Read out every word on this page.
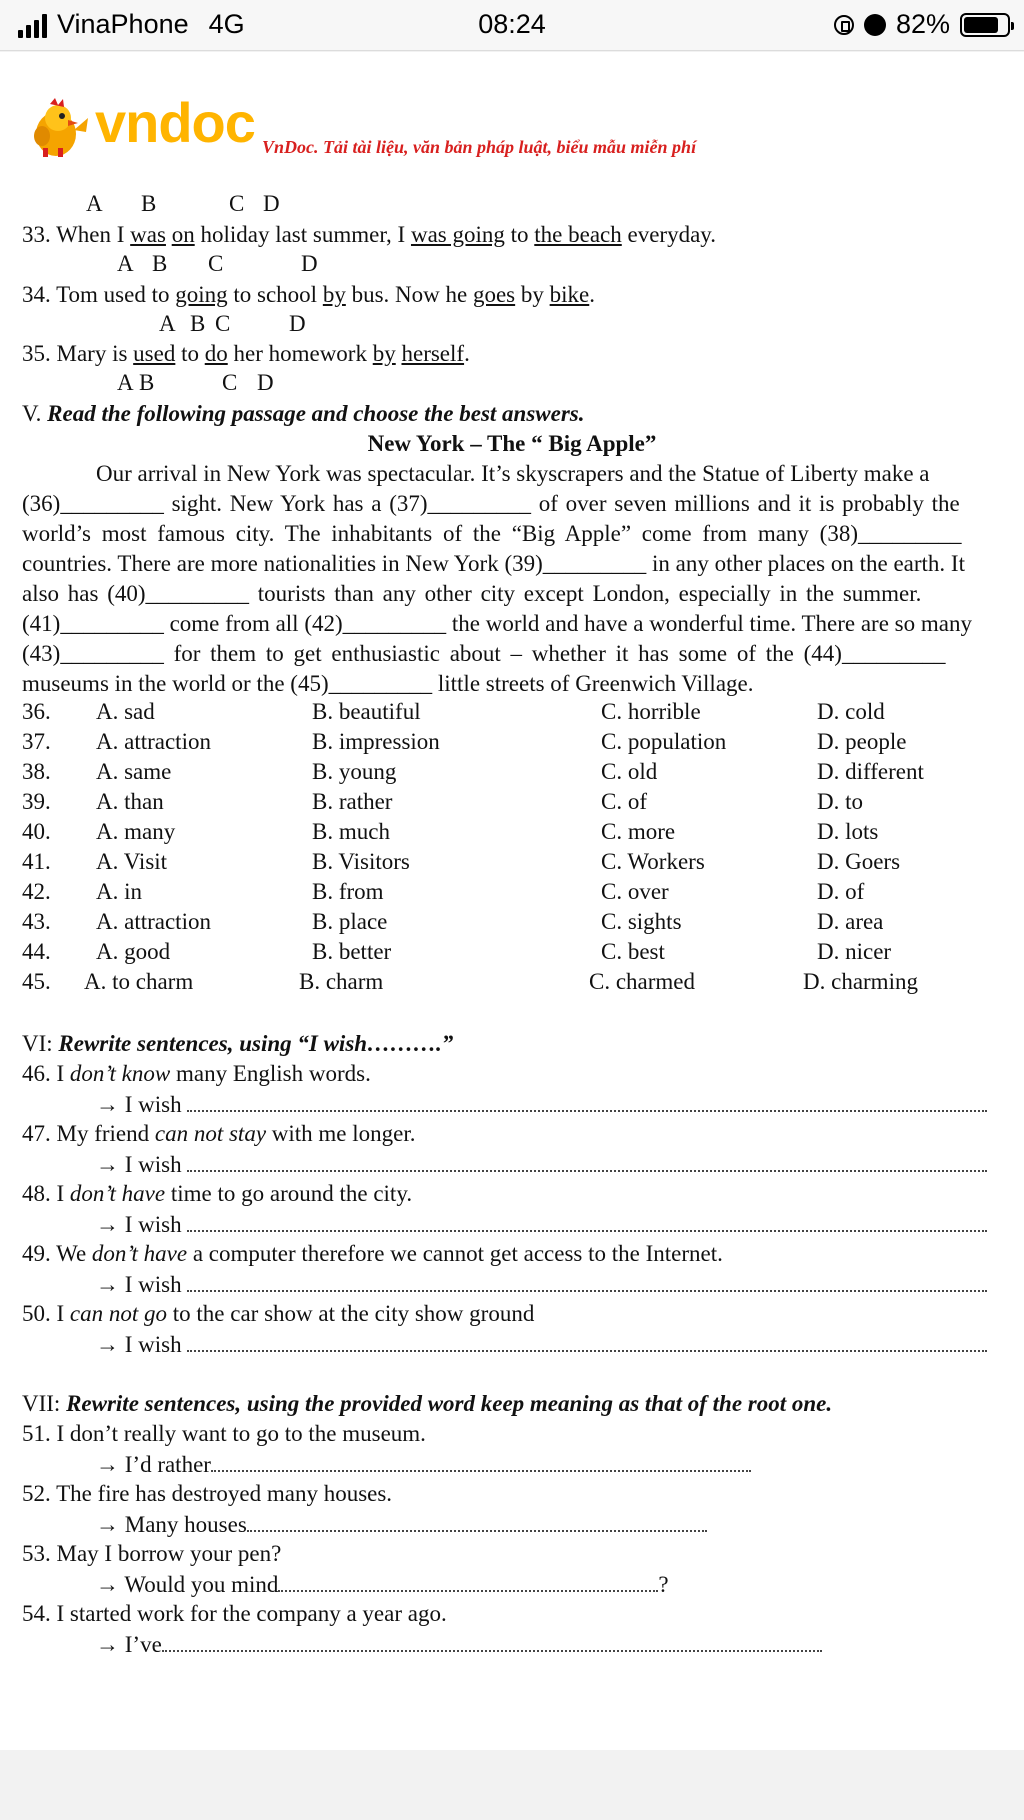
VinaPhone 4G	08:24	82%
vndoc VnDoc. Tải tài liệu, văn bản pháp luật, biểu mẫu miễn phí
A B	C D
33. When I was on holiday last summer, I was going to the beach everyday.
A B C	D
34. Tom used to going to school by bus. Now he goes by bike.
A B C	D
35. Mary is used to do her homework by herself.
A B	C D
V. Read the following passage and choose the best answers.
New York – The “ Big Apple”
Our arrival in New York was spectacular. It’s skyscrapers and the Statue of Liberty make a
(36)_________ sight. New York has a (37)_________ of over seven millions and it is probably the
world’s most famous city. The inhabitants of the “Big Apple” come from many (38)_________
countries. There are more nationalities in New York (39)_________ in any other places on the earth. It
also has (40)_________ tourists than any other city except London, especially in the summer.
(41)_________ come from all (42)_________ the world and have a wonderful time. There are so many
(43)_________ for them to get enthusiastic about – whether it has some of the (44)_________
museums in the world or the (45)_________ little streets of Greenwich Village.
36. A. sad	B. beautiful	C. horrible	D. cold
37. A. attraction	B. impression	C. population	D. people
38. A. same	B. young	C. old	D. different
39. A. than	B. rather	C. of	D. to
40. A. many	B. much	C. more	D. lots
41. A. Visit	B. Visitors	C. Workers	D. Goers
42. A. in	B. from	C. over	D. of
43. A. attraction	B. place	C. sights	D. area
44. A. good	B. better	C. best	D. nicer
45. A. to charm	B. charm	C. charmed	D. charming
VI: Rewrite sentences, using “I wish……….”
46. I don’t know many English words.
→ I wish
47. My friend can not stay with me longer.
→ I wish
48. I don’t have time to go around the city.
→ I wish
49. We don’t have a computer therefore we cannot get access to the Internet.
→ I wish
50. I can not go to the car show at the city show ground
→ I wish
VII: Rewrite sentences, using the provided word keep meaning as that of the root one.
51. I don’t really want to go to the museum.
→ I’d rather
52. The fire has destroyed many houses.
→ Many houses
53. May I borrow your pen?
→ Would you mind	?
54. I started work for the company a year ago.
→ I’ve
